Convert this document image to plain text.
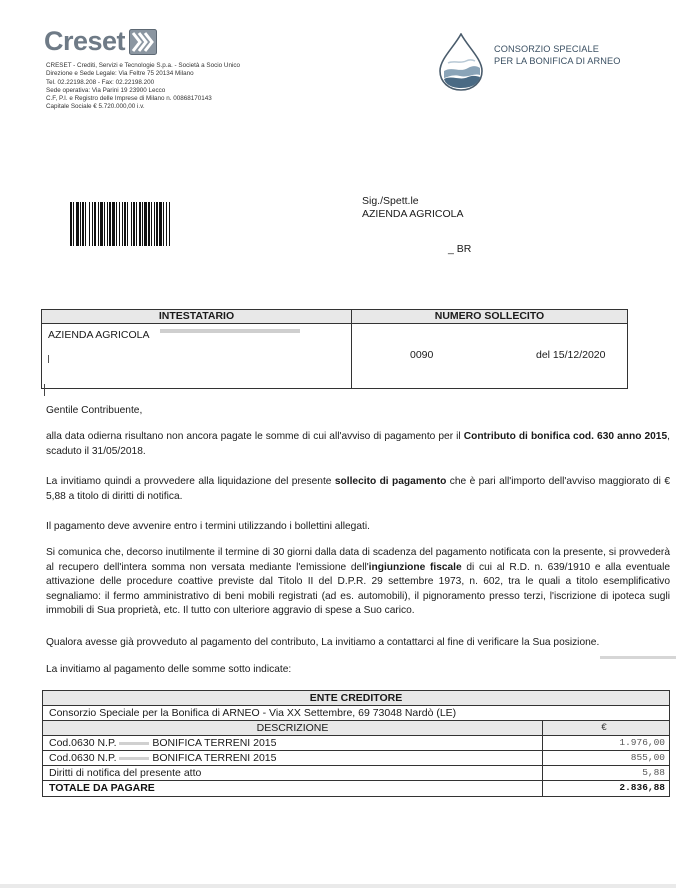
Creset
CRESET - Crediti, Servizi e Tecnologie S.p.a. - Società a Socio Unico
Direzione e Sede Legale: Via Feltre 75 20134 Milano
Tel. 02.22198.208 - Fax: 02.22198.200
Sede operativa: Via Parini 19 23900 Lecco
C.F, P.I. e Registro delle Imprese di Milano n. 00868170143
Capitale Sociale € 5.720.000,00 i.v.
CONSORZIO SPECIALE
PER LA BONIFICA DI ARNEO
Sig./Spett.le
AZIENDA AGRICOLA
_ BR
INTESTATARIO
AZIENDA AGRICOLA
NUMERO SOLLECITO
0090	del 15/12/2020
Gentile Contribuente,
alla data odierna risultano non ancora pagate le somme di cui all'avviso di pagamento per il Contributo di bonifica cod. 630 anno 2015, scaduto il 31/05/2018.
La invitiamo quindi a provvedere alla liquidazione del presente sollecito di pagamento che è pari all'importo dell'avviso maggiorato di € 5,88 a titolo di diritti di notifica.
Il pagamento deve avvenire entro i termini utilizzando i bollettini allegati.
Si comunica che, decorso inutilmente il termine di 30 giorni dalla data di scadenza del pagamento notificata con la presente, si provvederà al recupero dell'intera somma non versata mediante l'emissione dell'ingiunzione fiscale di cui al R.D. n. 639/1910 e alla eventuale attivazione delle procedure coattive previste dal Titolo II del D.P.R. 29 settembre 1973, n. 602, tra le quali a titolo esemplificativo segnaliamo: il fermo amministrativo di beni mobili registrati (ad es. automobili), il pignoramento presso terzi, l'iscrizione di ipoteca sugli immobili di Sua proprietà, etc. Il tutto con ulteriore aggravio di spese a Suo carico.
Qualora avesse già provveduto al pagamento del contributo, La invitiamo a contattarci al fine di verificare la Sua posizione.
La invitiamo al pagamento delle somme sotto indicate:
ENTE CREDITORE
Consorzio Speciale per la Bonifica di ARNEO - Via XX Settembre, 69 73048 Nardò (LE)
DESCRIZIONE	€
Cod.0630 N.P.	BONIFICA TERRENI 2015	1.976,00
Cod.0630 N.P.	BONIFICA TERRENI 2015	855,00
Diritti di notifica del presente atto	5,88
TOTALE DA PAGARE	2.836,88
